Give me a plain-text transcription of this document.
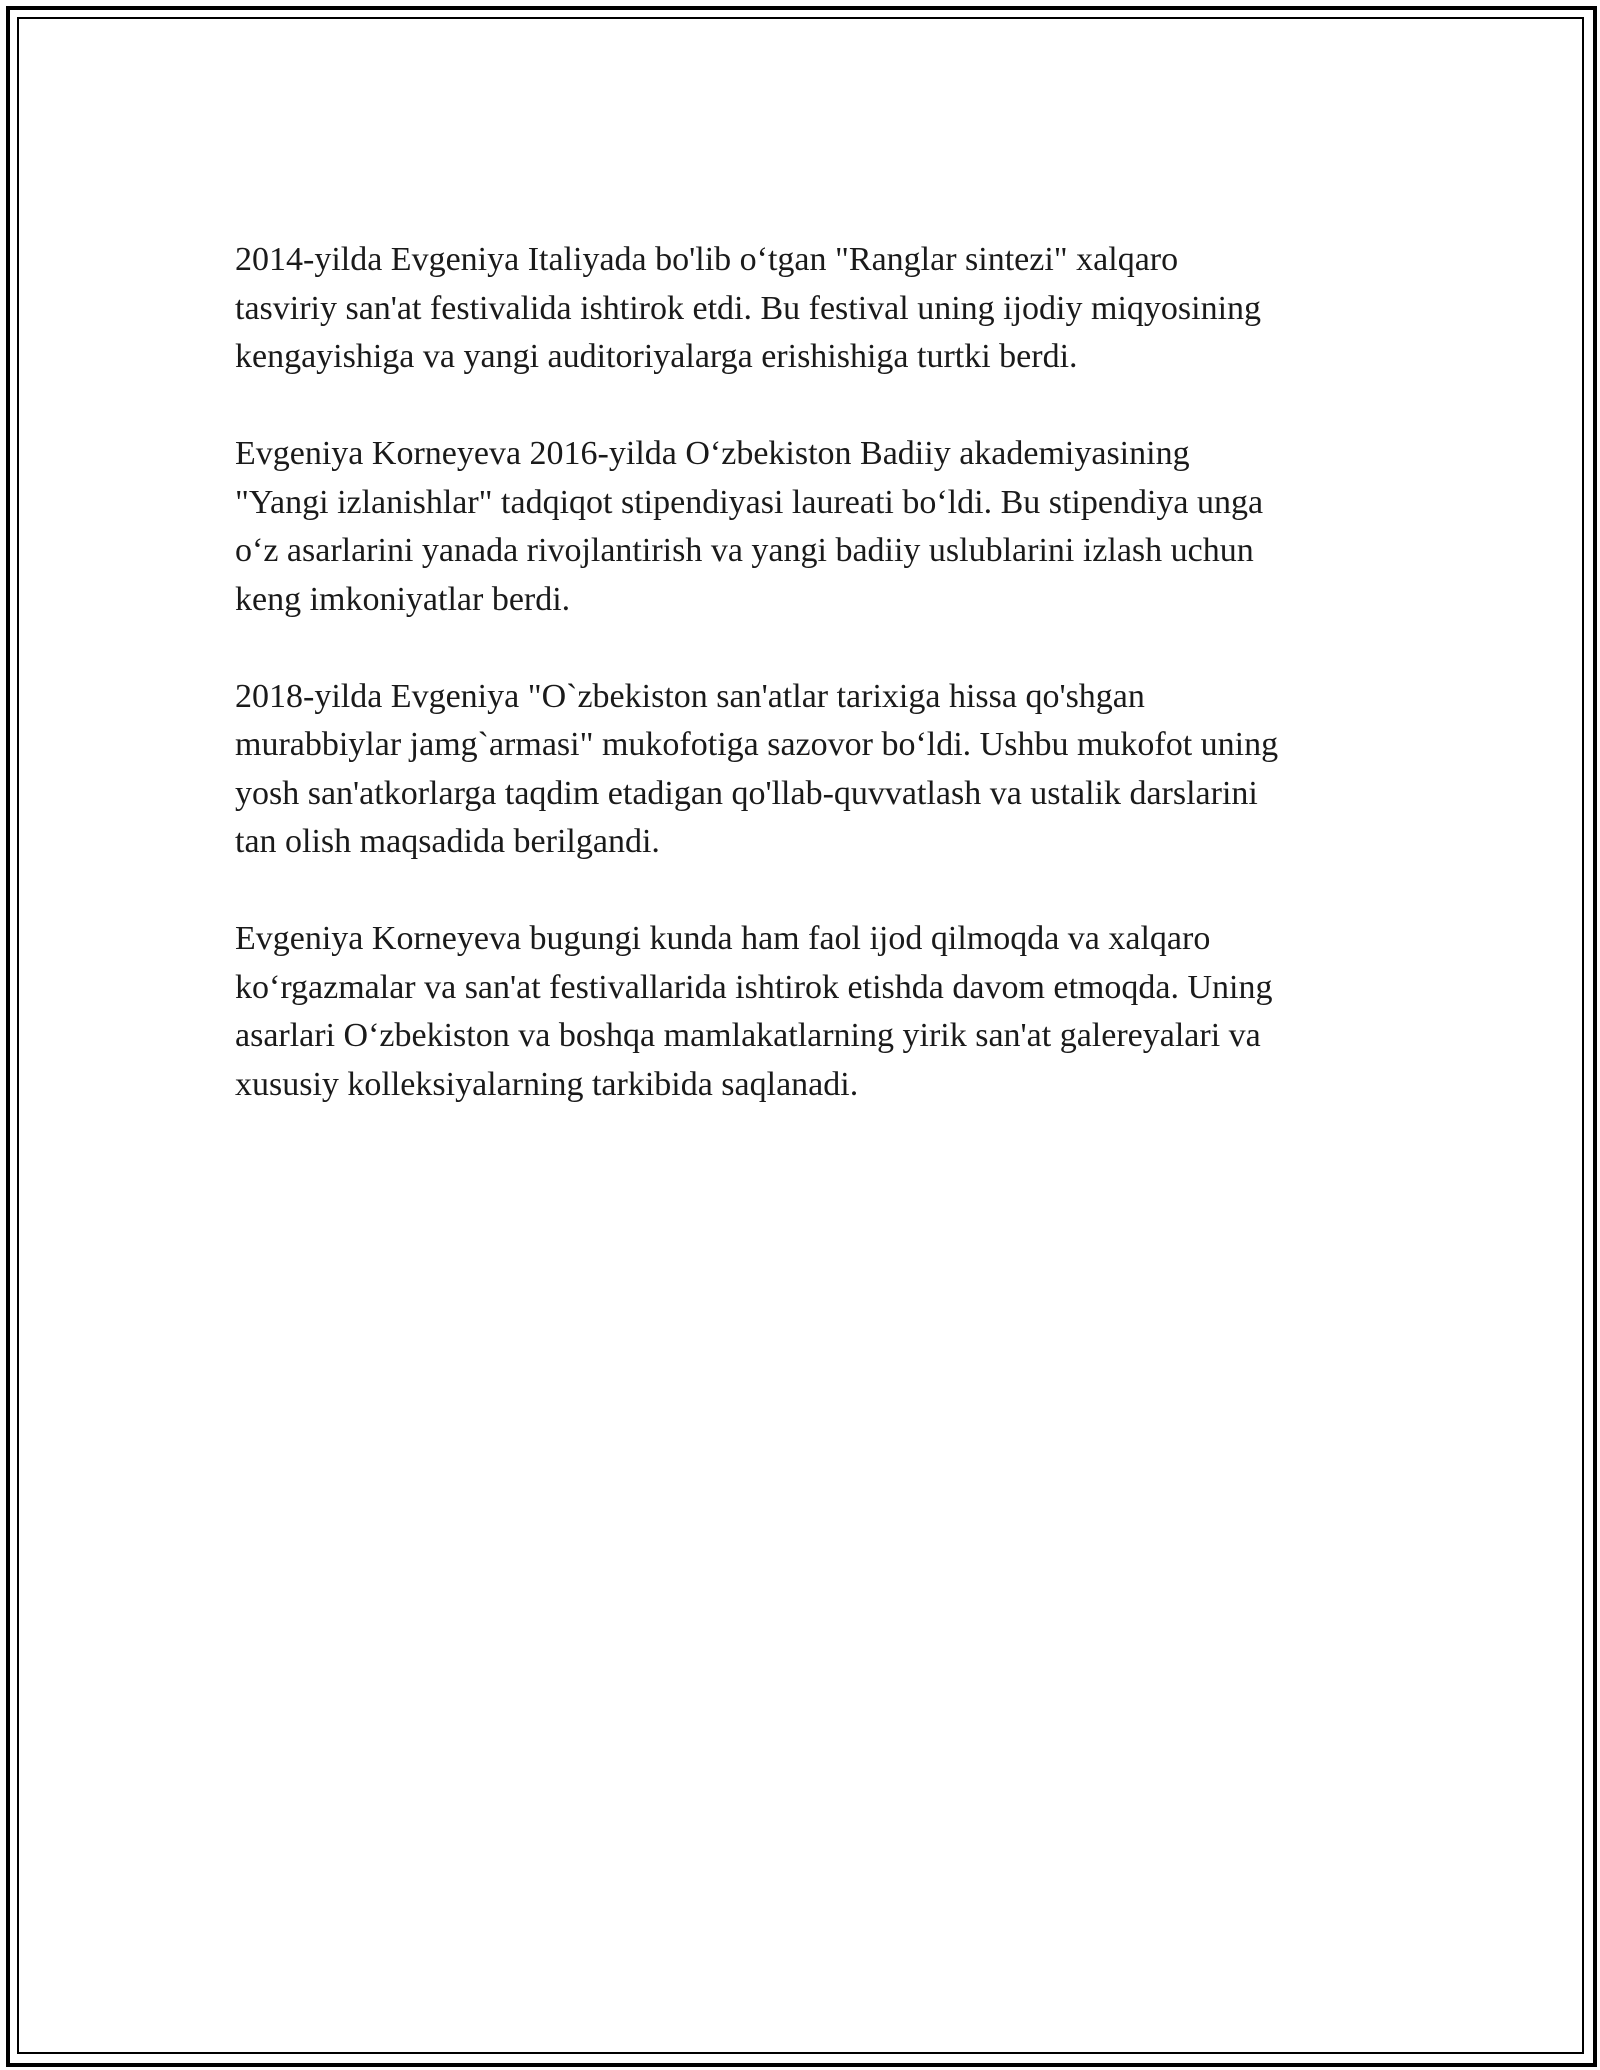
2014-yilda Evgeniya Italiyada bo'lib o‘tgan "Ranglar sintezi" xalqaro
tasviriy san'at festivalida ishtirok etdi. Bu festival uning ijodiy miqyosining
kengayishiga va yangi auditoriyalarga erishishiga turtki berdi.

Evgeniya Korneyeva 2016-yilda O‘zbekiston Badiiy akademiyasining
"Yangi izlanishlar" tadqiqot stipendiyasi laureati bo‘ldi. Bu stipendiya unga
o‘z asarlarini yanada rivojlantirish va yangi badiiy uslublarini izlash uchun
keng imkoniyatlar berdi.

2018-yilda Evgeniya "O`zbekiston san'atlar tarixiga hissa qo'shgan
murabbiylar jamg`armasi" mukofotiga sazovor bo‘ldi. Ushbu mukofot uning
yosh san'atkorlarga taqdim etadigan qo'llab-quvvatlash va ustalik darslarini
tan olish maqsadida berilgandi.

Evgeniya Korneyeva bugungi kunda ham faol ijod qilmoqda va xalqaro
ko‘rgazmalar va san'at festivallarida ishtirok etishda davom etmoqda. Uning
asarlari O‘zbekiston va boshqa mamlakatlarning yirik san'at galereyalari va
xususiy kolleksiyalarning tarkibida saqlanadi.
